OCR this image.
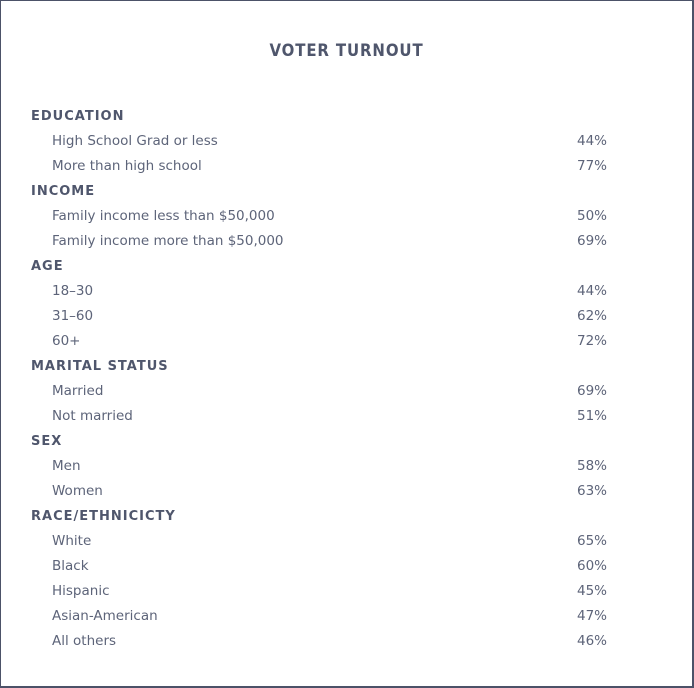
VOTER TURNOUT
EDUCATION
High School Grad or less	44%
More than high school	77%
INCOME
Family income less than $50,000	50%
Family income more than $50,000	69%
AGE
18–30	44%
31–60	62%
60+	72%
MARITAL STATUS
Married	69%
Not married	51%
SEX
Men	58%
Women	63%
RACE/ETHNICICTY
White	65%
Black	60%
Hispanic	45%
Asian-American	47%
All others	46%
